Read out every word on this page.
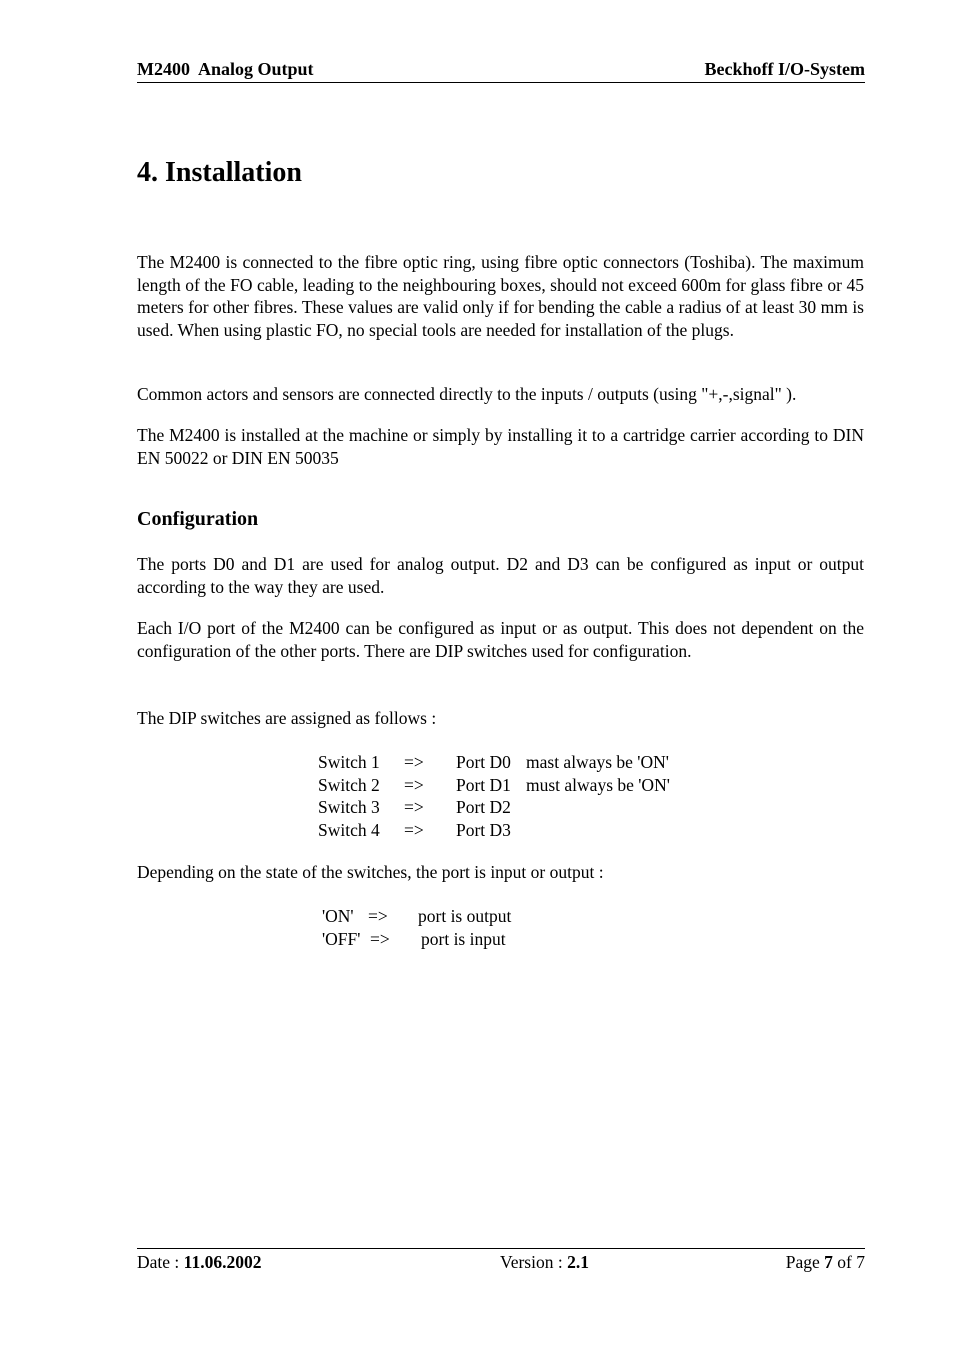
M2400  Analog Output	Beckhoff I/O-System
4. Installation

The M2400 is connected to the fibre optic ring, using fibre optic connectors (Toshiba). The maximum length of the FO cable, leading to the neighbouring boxes, should not exceed 600m for glass fibre or 45 meters for other fibres. These values are valid only if for bending the cable a radius of at least 30 mm is used. When using plastic FO, no special tools are needed for installation of the plugs.

Common actors and sensors are connected directly to the inputs / outputs (using "+,-,signal" ).

The M2400 is installed at the machine or simply by installing it to a cartridge carrier according to DIN EN 50022 or DIN EN 50035

Configuration

The ports D0 and D1 are used for analog output. D2 and D3 can be configured as input or output according to the way they are used.

Each I/O port of the M2400 can be configured as input or as output. This does not dependent on the configuration of the other ports. There are DIP switches used for configuration.

The DIP switches are assigned as follows :

Switch 1 => Port D0 mast always be 'ON'
Switch 2 => Port D1 must always be 'ON'
Switch 3 => Port D2
Switch 4 => Port D3

Depending on the state of the switches, the port is input or output :

'ON' => port is output
'OFF' => port is input
Date : 11.06.2002	Version : 2.1	Page 7 of 7
